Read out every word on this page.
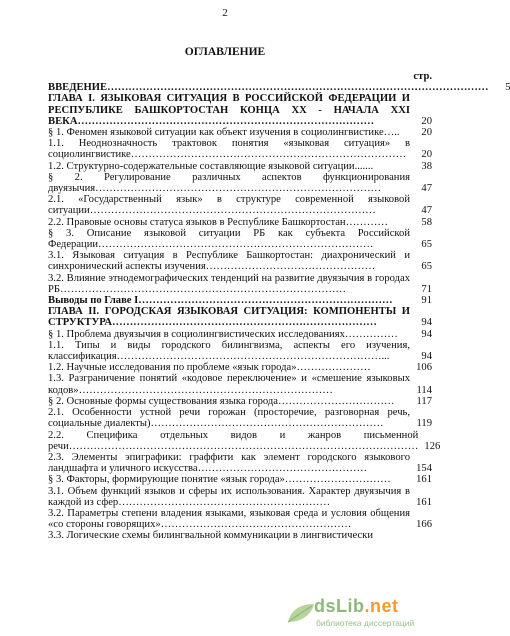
2
ОГЛАВЛЕНИЕ
стр.
ВВЕДЕНИЕ………………………………………………………………………………………………	5
ГЛАВА I. ЯЗЫКОВАЯ СИТУАЦИЯ В РОССИЙСКОЙ ФЕДЕРАЦИИ И РЕСПУБЛИКЕ БАШКОРТОСТАН КОНЦА XX - НАЧАЛА XXI ВЕКА…………………………………………………………………………	20
§ 1. Феномен языковой ситуации как объект изучения в социолингвистике…..	20
1.1. Неоднозначность трактовок понятия «языковая ситуация» в социолингвистике……………………………………………………………………	20
1.2. Структурно-содержательные составляющие языковой ситуации.......	38
§ 2. Регулирование различных аспектов функционирования двуязычия………………………………………………………………………	47
2.1. «Государственный язык» в структуре современной языковой ситуации………………………………………………………………………	47
2.2. Правовые основы статуса языков в Республике Башкортостан…………	58
§ 3. Описание языковой ситуации РБ как субъекта Российской Федерации……………………………………………………………………	65
3.1. Языковая ситуация в Республике Башкортостан: диахронический и синхронический аспекты изучения…………………………………………	65
3.2. Влияние этнодемографических тенденций на развитие двуязычия в городах РБ………………………………………………………………………	71
Выводы по Главе I………………………………………………………………	91
ГЛАВА II. ГОРОДСКАЯ ЯЗЫКОВАЯ СИТУАЦИЯ: КОМПОНЕНТЫ И СТРУКТУРА…………………………………………………………………	94
§ 1. Проблема двуязычия в социолингвистических исследованиях……………	94
1.1. Типы и виды городского билингвизма, аспекты его изучения, классификация…………………………………………………………………...	94
1.2. Научные исследования по проблеме «язык города»…………………	106
1.3. Разграничение понятий «кодовое переключение» и «смешение языковых кодов»………………………………………………………………	114
§ 2. Основные формы существования языка города……………………………	117
2.1. Особенности устной речи горожан (просторечие, разговорная речь, социальные диалекты)…………………………………………………………	119
2.2. Специфика отдельных видов и жанров письменной речи……………………………………………………………………………………… 126
2.3. Элементы эпиграфики: граффити как элемент городского языкового ландшафта и уличного искусства…………………………………………	154
§ 3. Факторы, формирующие понятие «язык города»…………………………	161
3.1. Объем функций языков и сферы их использования. Характер двуязычия в каждой из сфер……………………………………………………	161
3.2. Параметры степени владения языками, языковая среда и условия общения «со стороны говорящих»………………………………………………	166
3.3. Логические схемы билингвальной коммуникации в лингвистически
dsLib.net
библиотека диссертаций
